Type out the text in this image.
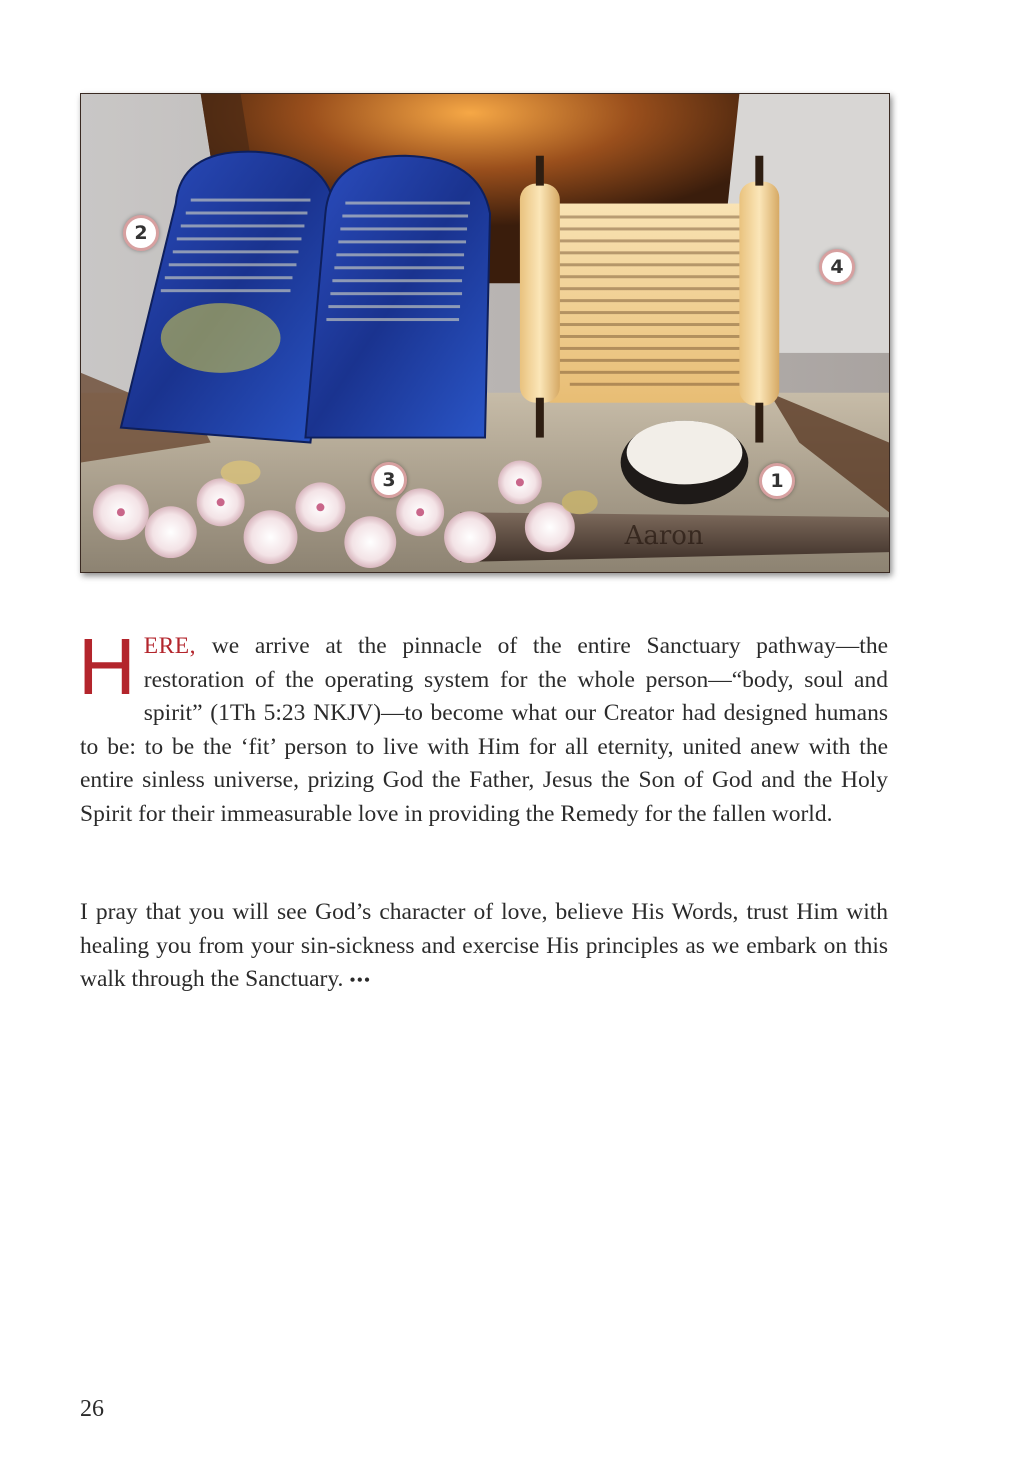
Aaron
1
2
3
4
HERE, we arrive at the pinnacle of the entire Sanctuary pathway—the restoration of the operating system for the whole person—“body, soul and spirit” (1Th 5:23 NKJV)—to become what our Creator had designed humans to be: to be the ‘fit’ person to live with Him for all eternity, united anew with the entire sinless universe, prizing God the Father, Jesus the Son of God and the Holy Spirit for their immeasurable love in providing the Remedy for the fallen world.
I pray that you will see God’s character of love, believe His Words, trust Him with healing you from your sin-sickness and exercise His principles as we embark on this walk through the Sanctuary. •••
26
